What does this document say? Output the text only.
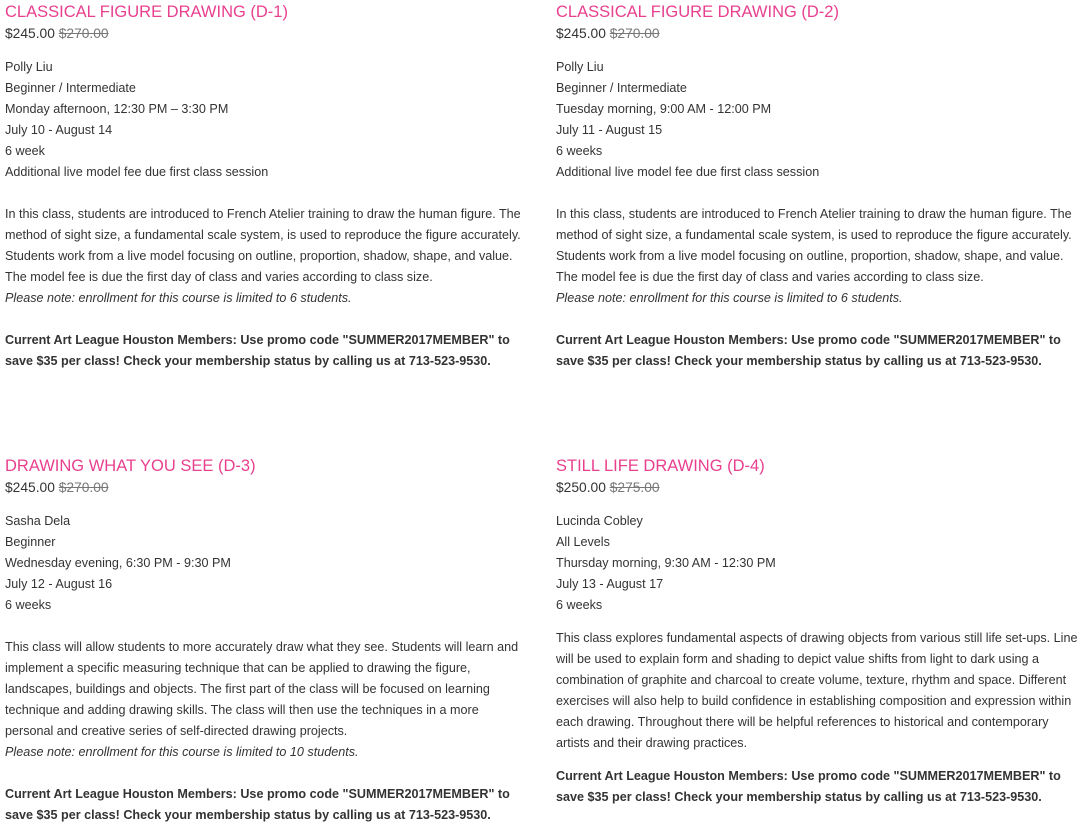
CLASSICAL FIGURE DRAWING (D-1)
$245.00 $270.00
Polly Liu
Beginner / Intermediate
Monday afternoon, 12:30 PM – 3:30 PM
July 10 - August 14
6 week
Additional live model fee due first class session

In this class, students are introduced to French Atelier training to draw the human figure. The method of sight size, a fundamental scale system, is used to reproduce the figure accurately. Students work from a live model focusing on outline, proportion, shadow, shape, and value. The model fee is due the first day of class and varies according to class size.

Please note: enrollment for this course is limited to 6 students.

Current Art League Houston Members: Use promo code "SUMMER2017MEMBER" to save $35 per class! Check your membership status by calling us at 713-523-9530.
CLASSICAL FIGURE DRAWING (D-2)
$245.00 $270.00
Polly Liu
Beginner / Intermediate
Tuesday morning, 9:00 AM - 12:00 PM
July 11 - August 15
6 weeks
Additional live model fee due first class session

In this class, students are introduced to French Atelier training to draw the human figure. The method of sight size, a fundamental scale system, is used to reproduce the figure accurately. Students work from a live model focusing on outline, proportion, shadow, shape, and value. The model fee is due the first day of class and varies according to class size.

Please note: enrollment for this course is limited to 6 students.

Current Art League Houston Members: Use promo code "SUMMER2017MEMBER" to save $35 per class! Check your membership status by calling us at 713-523-9530.
DRAWING WHAT YOU SEE (D-3)
$245.00 $270.00
Sasha Dela
Beginner
Wednesday evening, 6:30 PM - 9:30 PM
July 12 - August 16
6 weeks

This class will allow students to more accurately draw what they see. Students will learn and implement a specific measuring technique that can be applied to drawing the figure, landscapes, buildings and objects. The first part of the class will be focused on learning technique and adding drawing skills. The class will then use the techniques in a more personal and creative series of self-directed drawing projects.

Please note: enrollment for this course is limited to 10 students.

Current Art League Houston Members: Use promo code "SUMMER2017MEMBER" to save $35 per class! Check your membership status by calling us at 713-523-9530.
STILL LIFE DRAWING (D-4)
$250.00 $275.00
Lucinda Cobley
All Levels
Thursday morning, 9:30 AM - 12:30 PM
July 13 - August 17
6 weeks

This class explores fundamental aspects of drawing objects from various still life set-ups. Line will be used to explain form and shading to depict value shifts from light to dark using a combination of graphite and charcoal to create volume, texture, rhythm and space. Different exercises will also help to build confidence in establishing composition and expression within each drawing. Throughout there will be helpful references to historical and contemporary artists and their drawing practices.

Current Art League Houston Members: Use promo code "SUMMER2017MEMBER" to save $35 per class! Check your membership status by calling us at 713-523-9530.
